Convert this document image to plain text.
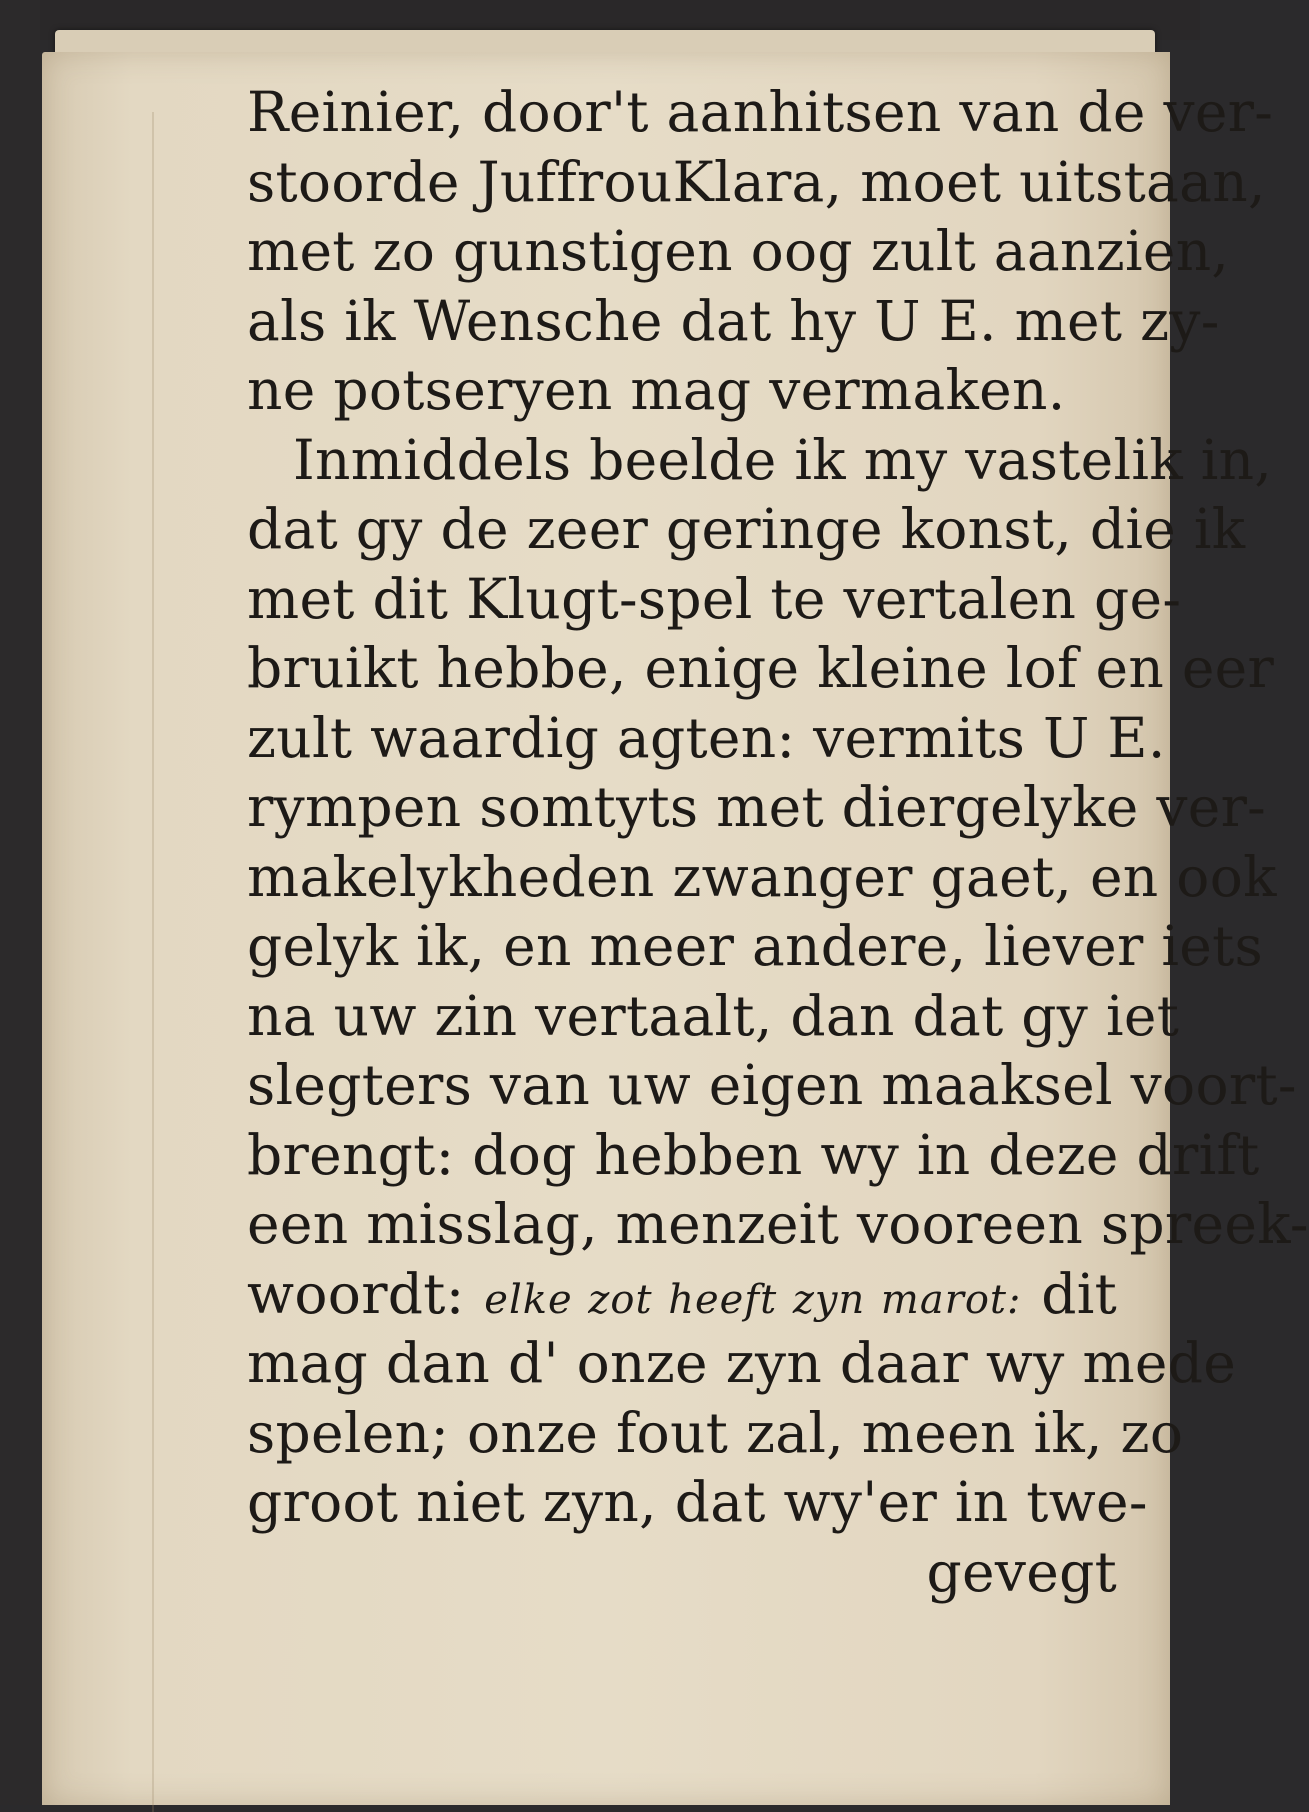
Reinier, door't aanhitsen van de ver-
stoorde JuffrouKlara, moet uitstaan,
met zo gunstigen oog zult aanzien,
als ik Wensche dat hy U E. met zy-
ne potseryen mag vermaken.
Inmiddels beelde ik my vastelik in,
dat gy de zeer geringe konst, die ik
met dit Klugt-spel te vertalen ge-
bruikt hebbe, enige kleine lof en eer
zult waardig agten: vermits U E.
rympen somtyts met diergelyke ver-
makelykheden zwanger gaet, en ook
gelyk ik, en meer andere, liever iets
na uw zin vertaalt, dan dat gy iet
slegters van uw eigen maaksel voort-
brengt: dog hebben wy in deze drift
een misslag, menzeit vooreen spreek-
woordt: elke zot heeft zyn marot: dit
mag dan d' onze zyn daar wy mede
spelen; onze fout zal, meen ik, zo
groot niet zyn, dat wy'er in twe-
gevegt
